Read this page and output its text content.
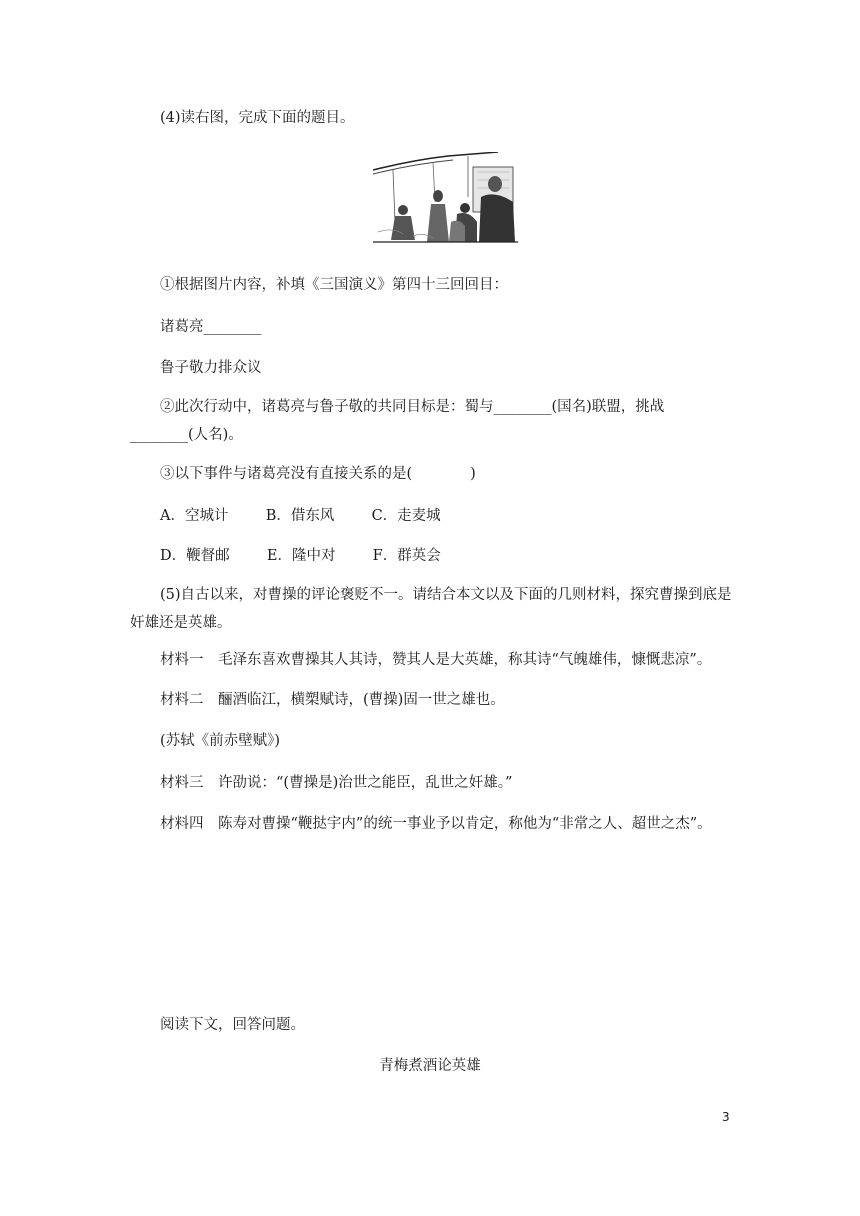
(4)读右图，完成下面的题目。
①根据图片内容，补填《三国演义》第四十三回回目：
诸葛亮________
鲁子敬力排众议
②此次行动中，诸葛亮与鲁子敬的共同目标是：蜀与________(国名)联盟，挑战
________(人名)。
③以下事件与诸葛亮没有直接关系的是(　　　　)
A．空城计	B．借东风	C．走麦城
D．鞭督邮	E．隆中对	F．群英会
(5)自古以来，对曹操的评论褒贬不一。请结合本文以及下面的几则材料，探究曹操到底是奸雄还是英雄。
材料一　毛泽东喜欢曹操其人其诗，赞其人是大英雄，称其诗“气魄雄伟，慷慨悲凉”。
材料二　酾酒临江，横槊赋诗，(曹操)固一世之雄也。
(苏轼《前赤壁赋》)
材料三　许劭说：“(曹操是)治世之能臣，乱世之奸雄。”
材料四　陈寿对曹操“鞭挞宇内”的统一事业予以肯定，称他为“非常之人、超世之杰”。
阅读下文，回答问题。
青梅煮酒论英雄
3
